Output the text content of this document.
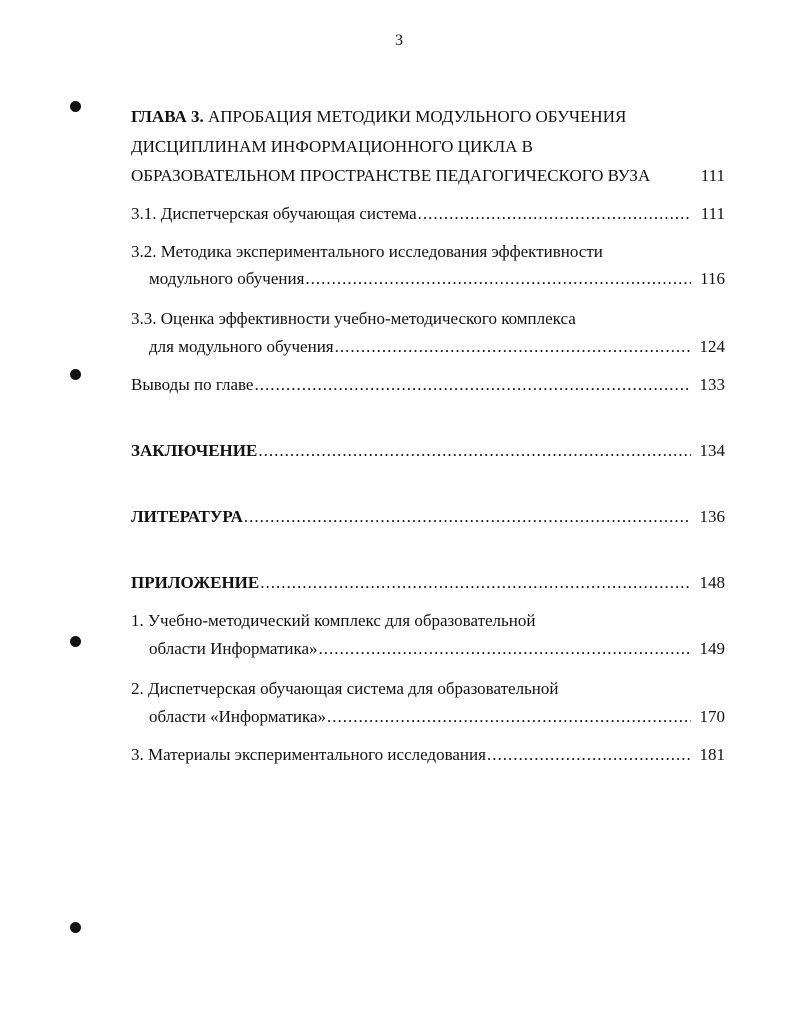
3
ГЛАВА 3. АПРОБАЦИЯ МЕТОДИКИ МОДУЛЬНОГО ОБУЧЕНИЯ
ДИСЦИПЛИНАМ ИНФОРМАЦИОННОГО ЦИКЛА В
ОБРАЗОВАТЕЛЬНОМ ПРОСТРАНСТВЕ ПЕДАГОГИЧЕСКОГО ВУЗА	111
3.1. Диспетчерская обучающая система .....	111
3.2. Методика экспериментального исследования эффективности
модульного обучения .....	116
3.3. Оценка эффективности учебно-методического комплекса
для модульного обучения .....	124
Выводы по главе .....	133
ЗАКЛЮЧЕНИЕ .....	134
ЛИТЕРАТУРА .....	136
ПРИЛОЖЕНИЕ .....	148
1. Учебно-методический комплекс для образовательной
области Информатика» .....	149
2. Диспетчерская обучающая система для образовательной
области «Информатика» .....	170
3. Материалы экспериментального исследования .....	181
